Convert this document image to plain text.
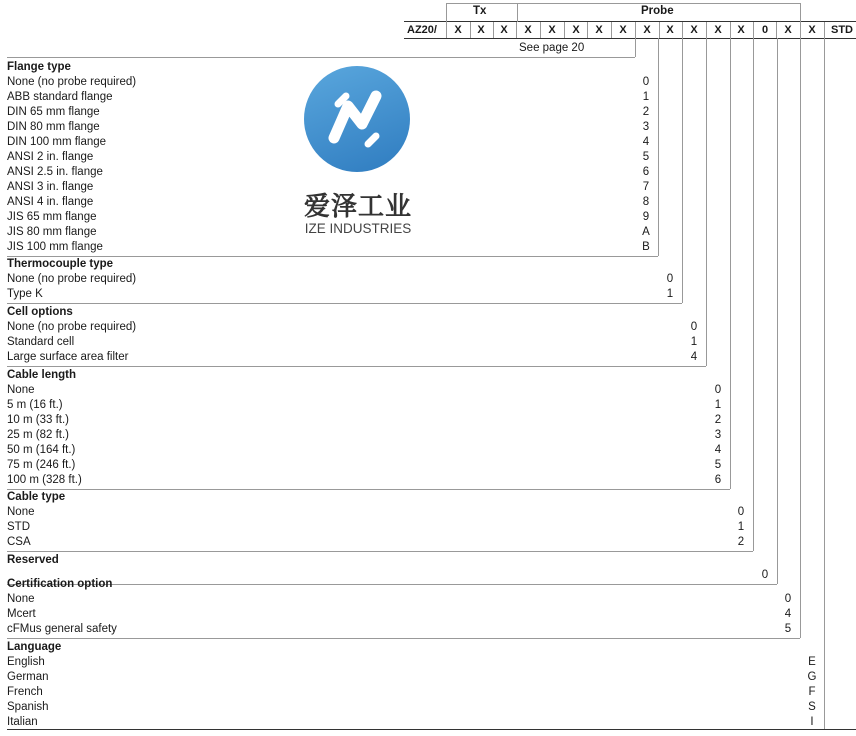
Tx	Probe
AZ20/	X	X	X	X	X	X	X	X	X	X	X	X	X	0	X	X	STD
See page 20
Flange type
None (no probe required)	0
ABB standard flange	1
DIN 65 mm flange	2
DIN 80 mm flange	3
DIN 100 mm flange	4
ANSI 2 in. flange	5
ANSI 2.5 in. flange	6
ANSI 3 in. flange	7
ANSI 4 in. flange	8
JIS 65 mm flange	9
JIS 80 mm flange	A
JIS 100 mm flange	B
Thermocouple type
None (no probe required)	0
Type K	1
Cell options
None (no probe required)	0
Standard cell	1
Large surface area filter	4
Cable length
None	0
5 m (16 ft.)	1
10 m (33 ft.)	2
25 m (82 ft.)	3
50 m (164 ft.)	4
75 m (246 ft.)	5
100 m (328 ft.)	6
Cable type
None	0
STD	1
CSA	2
Reserved
0
Certification option
None	0
Mcert	4
cFMus general safety	5
Language
English	E
German	G
French	F
Spanish	S
Italian	I
爱泽工业
IZE INDUSTRIES
